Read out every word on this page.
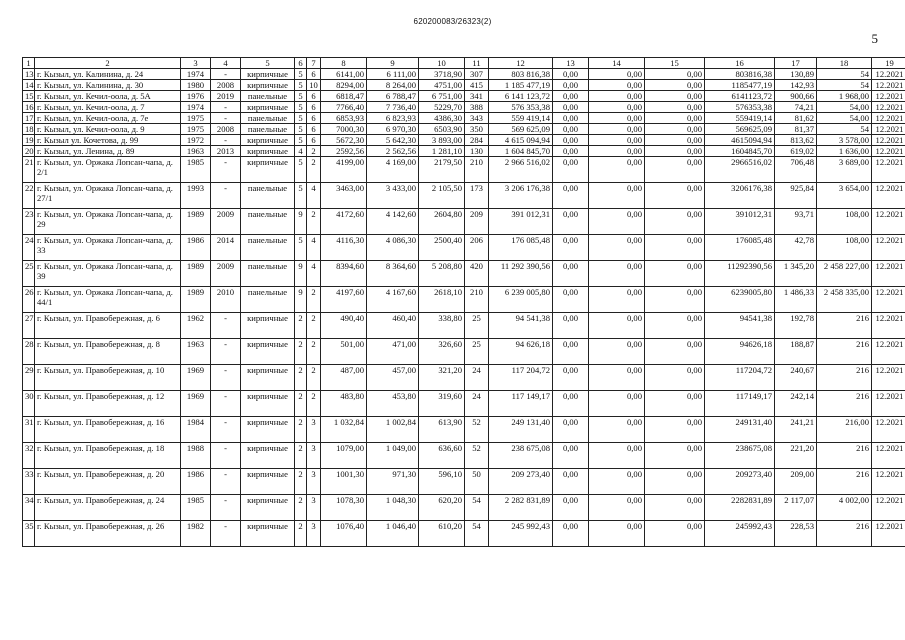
620200083/26323(2)
5
1	2	3	4	5	6	7	8	9	10	11	12	13	14	15	16	17	18	19
13	г. Кызыл, ул. Калинина, д. 24	1974	-	кирпичные	5	6	6141,00	6 111,00	3718,90	307	803 816,38	0,00	0,00	0,00	803816,38	130,89	54	12.2021
14	г. Кызыл, ул. Калинина, д. 30	1980	2008	кирпичные	5	10	8294,00	8 264,00	4751,00	415	1 185 477,19	0,00	0,00	0,00	1185477,19	142,93	54	12.2021
15	г. Кызыл, ул. Кечил-оола, д. 5А	1976	2019	панельные	5	6	6818,47	6 788,47	6 751,00	341	6 141 123,72	0,00	0,00	0,00	6141123,72	900,66	1 968,00	12.2021
16	г. Кызыл, ул. Кечил-оола, д. 7	1974	-	кирпичные	5	6	7766,40	7 736,40	5229,70	388	576 353,38	0,00	0,00	0,00	576353,38	74,21	54,00	12.2021
17	г. Кызыл, ул. Кечил-оола, д. 7е	1975	-	панельные	5	6	6853,93	6 823,93	4386,30	343	559 419,14	0,00	0,00	0,00	559419,14	81,62	54,00	12.2021
18	г. Кызыл, ул. Кечил-оола, д. 9	1975	2008	панельные	5	6	7000,30	6 970,30	6503,90	350	569 625,09	0,00	0,00	0,00	569625,09	81,37	54	12.2021
19	г. Кызыл ул. Кочетова, д. 99	1972	-	кирпичные	5	6	5672,30	5 642,30	3 893,00	284	4 615 094,94	0,00	0,00	0,00	4615094,94	813,62	3 578,00	12.2021
20	г. Кызыл, ул. Ленина, д. 89	1963	2013	кирпичные	4	2	2592,56	2 562,56	1 281,10	130	1 604 845,70	0,00	0,00	0,00	1604845,70	619,02	1 636,00	12.2021
21	г. Кызыл, ул. Оржака Лопсан-чапа, д. 2/1	1985	-	кирпичные	5	2	4199,00	4 169,00	2179,50	210	2 966 516,02	0,00	0,00	0,00	2966516,02	706,48	3 689,00	12.2021
22	г. Кызыл, ул. Оржака Лопсан-чапа, д. 27/1	1993	-	панельные	5	4	3463,00	3 433,00	2 105,50	173	3 206 176,38	0,00	0,00	0,00	3206176,38	925,84	3 654,00	12.2021
23	г. Кызыл, ул. Оржака Лопсан-чапа, д. 29	1989	2009	панельные	9	2	4172,60	4 142,60	2604,80	209	391 012,31	0,00	0,00	0,00	391012,31	93,71	108,00	12.2021
24	г. Кызыл, ул. Оржака Лопсан-чапа, д. 33	1986	2014	панельные	5	4	4116,30	4 086,30	2500,40	206	176 085,48	0,00	0,00	0,00	176085,48	42,78	108,00	12.2021
25	г. Кызыл, ул. Оржака Лопсан-чапа, д. 39	1989	2009	панельные	9	4	8394,60	8 364,60	5 208,80	420	11 292 390,56	0,00	0,00	0,00	11292390,56	1 345,20	2 458 227,00	12.2021
26	г. Кызыл, ул. Оржака Лопсан-чапа, д. 44/1	1989	2010	панельные	9	2	4197,60	4 167,60	2618,10	210	6 239 005,80	0,00	0,00	0,00	6239005,80	1 486,33	2 458 335,00	12.2021
27	г. Кызыл, ул. Правобережная, д. 6	1962	-	кирпичные	2	2	490,40	460,40	338,80	25	94 541,38	0,00	0,00	0,00	94541,38	192,78	216	12.2021
28	г. Кызыл, ул. Правобережная, д. 8	1963	-	кирпичные	2	2	501,00	471,00	326,60	25	94 626,18	0,00	0,00	0,00	94626,18	188,87	216	12.2021
29	г. Кызыл, ул. Правобережная, д. 10	1969	-	кирпичные	2	2	487,00	457,00	321,20	24	117 204,72	0,00	0,00	0,00	117204,72	240,67	216	12.2021
30	г. Кызыл, ул. Правобережная, д. 12	1969	-	кирпичные	2	2	483,80	453,80	319,60	24	117 149,17	0,00	0,00	0,00	117149,17	242,14	216	12.2021
31	г. Кызыл, ул. Правобережная, д. 16	1984	-	кирпичные	2	3	1 032,84	1 002,84	613,90	52	249 131,40	0,00	0,00	0,00	249131,40	241,21	216,00	12.2021
32	г. Кызыл, ул. Правобережная, д. 18	1988	-	кирпичные	2	3	1079,00	1 049,00	636,60	52	238 675,08	0,00	0,00	0,00	238675,08	221,20	216	12.2021
33	г. Кызыл, ул. Правобережная, д. 20	1986	-	кирпичные	2	3	1001,30	971,30	596,10	50	209 273,40	0,00	0,00	0,00	209273,40	209,00	216	12.2021
34	г. Кызыл, ул. Правобережная, д. 24	1985	-	кирпичные	2	3	1078,30	1 048,30	620,20	54	2 282 831,89	0,00	0,00	0,00	2282831,89	2 117,07	4 002,00	12.2021
35	г. Кызыл, ул. Правобережная, д. 26	1982	-	кирпичные	2	3	1076,40	1 046,40	610,20	54	245 992,43	0,00	0,00	0,00	245992,43	228,53	216	12.2021
